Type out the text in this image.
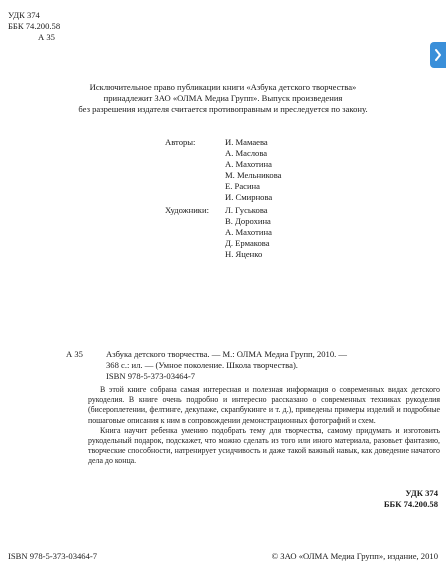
УДК 374
ББК 74.200.58
А 35
Исключительное право публикации книги «Азбука детского творчества»
принадлежит ЗАО «ОЛМА Медиа Групп». Выпуск произведения
без разрешения издателя считается противоправным и преследуется по закону.
Авторы:	И. Мамаева
А. Маслова
А. Махотина
М. Мельникова
Е. Расина
И. Смирнова
Художники: Л. Гуськова
В. Дорохина
А. Махотина
Д. Ермакова
Н. Яценко
А 35	Азбука детского творчества. — М.: ОЛМА Медиа Групп, 2010. —
368 с.: ил. — (Умное поколение. Школа творчества).
ISBN 978-5-373-03464-7
В этой книге собрана самая интересная и полезная информация о современных видах детского рукоделия. В книге очень подробно и интересно рассказано о современных техниках рукоделия (бисероплетении, фелтинге, декупаже, скрапбукинге и т. д.), приведены примеры изделий и подробные пошаговые описания к ним в сопровождении демонстрационных фотографий и схем.
Книга научит ребенка умению подобрать тему для творчества, самому придумать и изготовить рукодельный подарок, подскажет, что можно сделать из того или иного материала, разовьет фантазию, творческие способности, натренирует усидчивость и даже такой важный навык, как доведение начатого дела до конца.
УДК 374
ББК 74.200.58
ISBN 978-5-373-03464-7	© ЗАО «ОЛМА Медиа Групп», издание, 2010
